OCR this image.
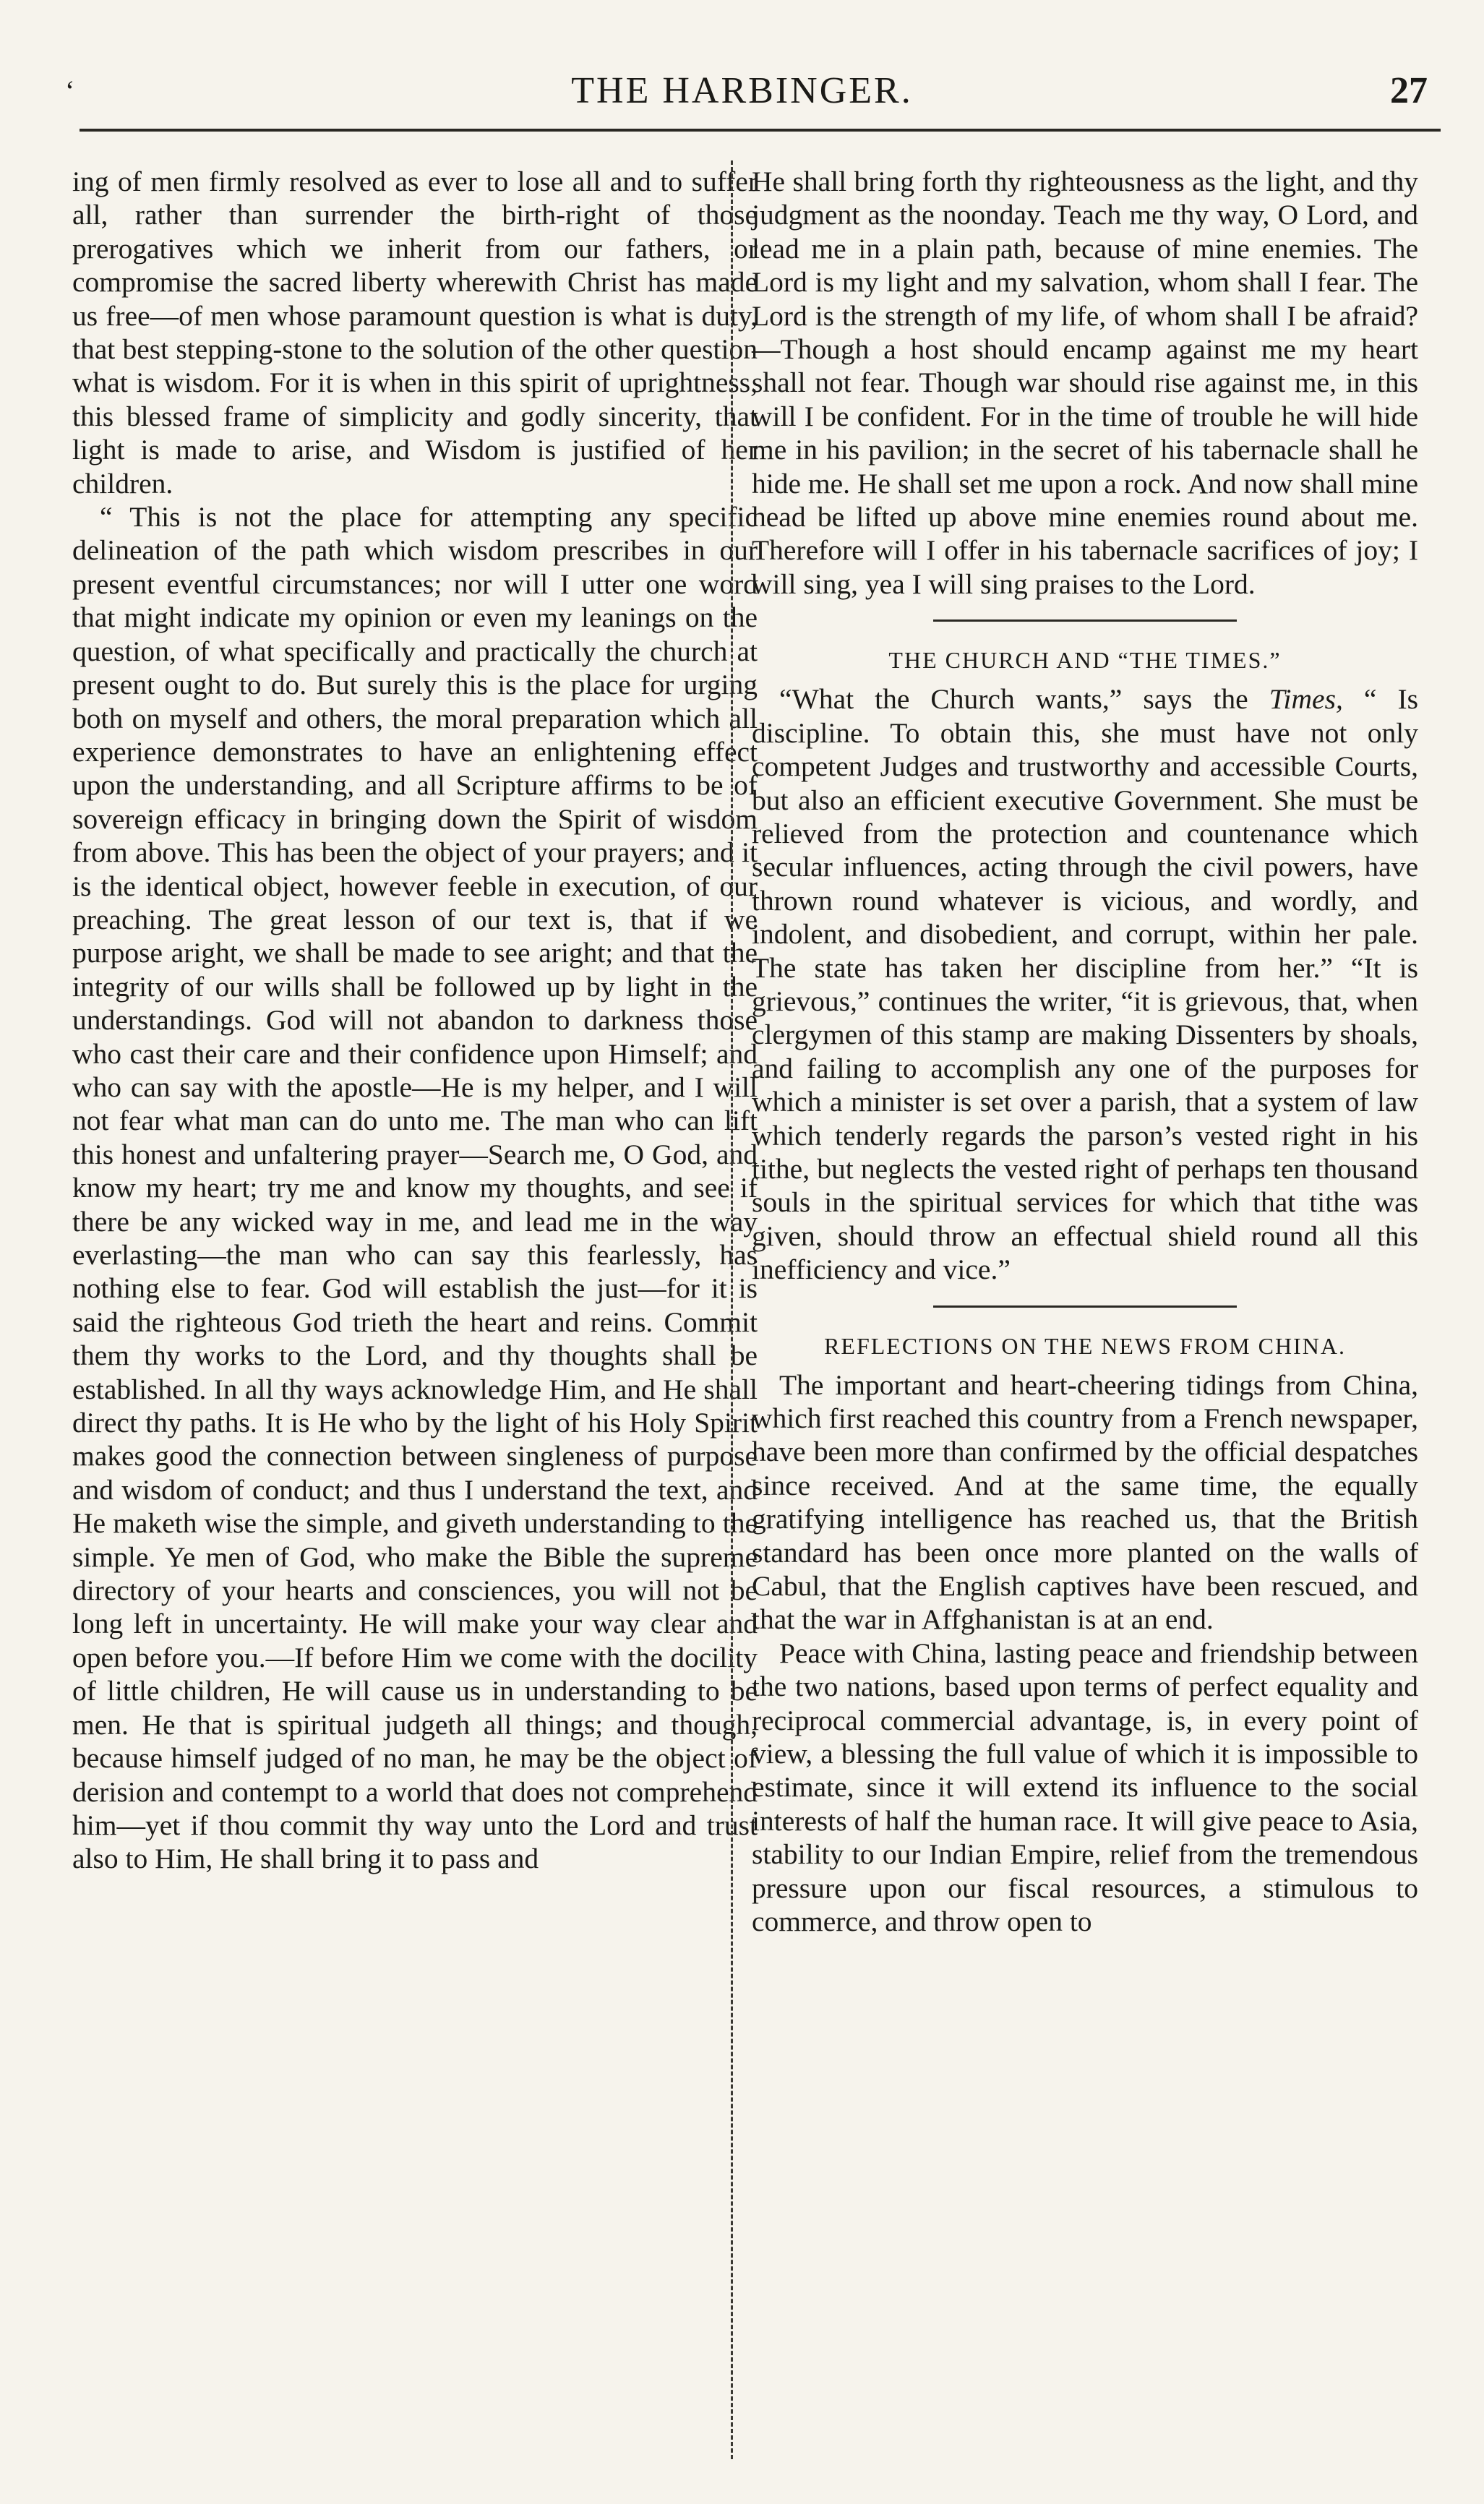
‘	THE HARBINGER.	27

ing of men firmly resolved as ever to lose all and to suffer all, rather than surrender the birth-right of those prerogatives which we inherit from our fathers, or compromise the sacred liberty wherewith Christ has made us free—of men whose paramount question is what is duty, that best stepping-stone to the solution of the other question what is wisdom. For it is when in this spirit of uprightness, this blessed frame of simplicity and godly sincerity, that light is made to arise, and Wisdom is justified of her children.

“ This is not the place for attempting any specific delineation of the path which wisdom prescribes in our present eventful circumstances; nor will I utter one word that might indicate my opinion or even my leanings on the question, of what specifically and practically the church at present ought to do. But surely this is the place for urging both on myself and others, the moral preparation which all experience demonstrates to have an enlightening effect upon the understanding, and all Scripture affirms to be of sovereign efficacy in bringing down the Spirit of wisdom from above. This has been the object of your prayers; and it is the identical object, however feeble in execution, of our preaching. The great lesson of our text is, that if we purpose aright, we shall be made to see aright; and that the integrity of our wills shall be followed up by light in the understandings. God will not abandon to darkness those who cast their care and their confidence upon Himself; and who can say with the apostle—He is my helper, and I will not fear what man can do unto me. The man who can lift this honest and unfaltering prayer—Search me, O God, and know my heart; try me and know my thoughts, and see if there be any wicked way in me, and lead me in the way everlasting—the man who can say this fearlessly, has nothing else to fear. God will establish the just—for it is said the righteous God trieth the heart and reins. Commit them thy works to the Lord, and thy thoughts shall be established. In all thy ways acknowledge Him, and He shall direct thy paths. It is He who by the light of his Holy Spirit makes good the connection between singleness of purpose and wisdom of conduct; and thus I understand the text, and He maketh wise the simple, and giveth understanding to the simple. Ye men of God, who make the Bible the supreme directory of your hearts and consciences, you will not be long left in uncertainty. He will make your way clear and open before you.—If before Him we come with the docility of little children, He will cause us in understanding to be men. He that is spiritual judgeth all things; and though, because himself judged of no man, he may be the object of derision and contempt to a world that does not comprehend him—yet if thou commit thy way unto the Lord and trust also to Him, He shall bring it to pass and

He shall bring forth thy righteousness as the light, and thy judgment as the noonday. Teach me thy way, O Lord, and lead me in a plain path, because of mine enemies. The Lord is my light and my salvation, whom shall I fear. The Lord is the strength of my life, of whom shall I be afraid?—Though a host should encamp against me my heart shall not fear. Though war should rise against me, in this will I be confident. For in the time of trouble he will hide me in his pavilion; in the secret of his tabernacle shall he hide me. He shall set me upon a rock. And now shall mine head be lifted up above mine enemies round about me. Therefore will I offer in his tabernacle sacrifices of joy; I will sing, yea I will sing praises to the Lord.

THE CHURCH AND “THE TIMES.”

“What the Church wants,” says the Times, “ Is discipline. To obtain this, she must have not only competent Judges and trustworthy and accessible Courts, but also an efficient executive Government. She must be relieved from the protection and countenance which secular influences, acting through the civil powers, have thrown round whatever is vicious, and wordly, and indolent, and disobedient, and corrupt, within her pale. The state has taken her discipline from her.” “It is grievous,” continues the writer, “it is grievous, that, when clergymen of this stamp are making Dissenters by shoals, and failing to accomplish any one of the purposes for which a minister is set over a parish, that a system of law which tenderly regards the parson’s vested right in his tithe, but neglects the vested right of perhaps ten thousand souls in the spiritual services for which that tithe was given, should throw an effectual shield round all this inefficiency and vice.”

REFLECTIONS ON THE NEWS FROM CHINA.

The important and heart-cheering tidings from China, which first reached this country from a French newspaper, have been more than confirmed by the official despatches since received. And at the same time, the equally gratifying intelligence has reached us, that the British standard has been once more planted on the walls of Cabul, that the English captives have been rescued, and that the war in Affghanistan is at an end.

Peace with China, lasting peace and friendship between the two nations, based upon terms of perfect equality and reciprocal commercial advantage, is, in every point of view, a blessing the full value of which it is impossible to estimate, since it will extend its influence to the social interests of half the human race. It will give peace to Asia, stability to our Indian Empire, relief from the tremendous pressure upon our fiscal resources, a stimulous to commerce, and throw open to
